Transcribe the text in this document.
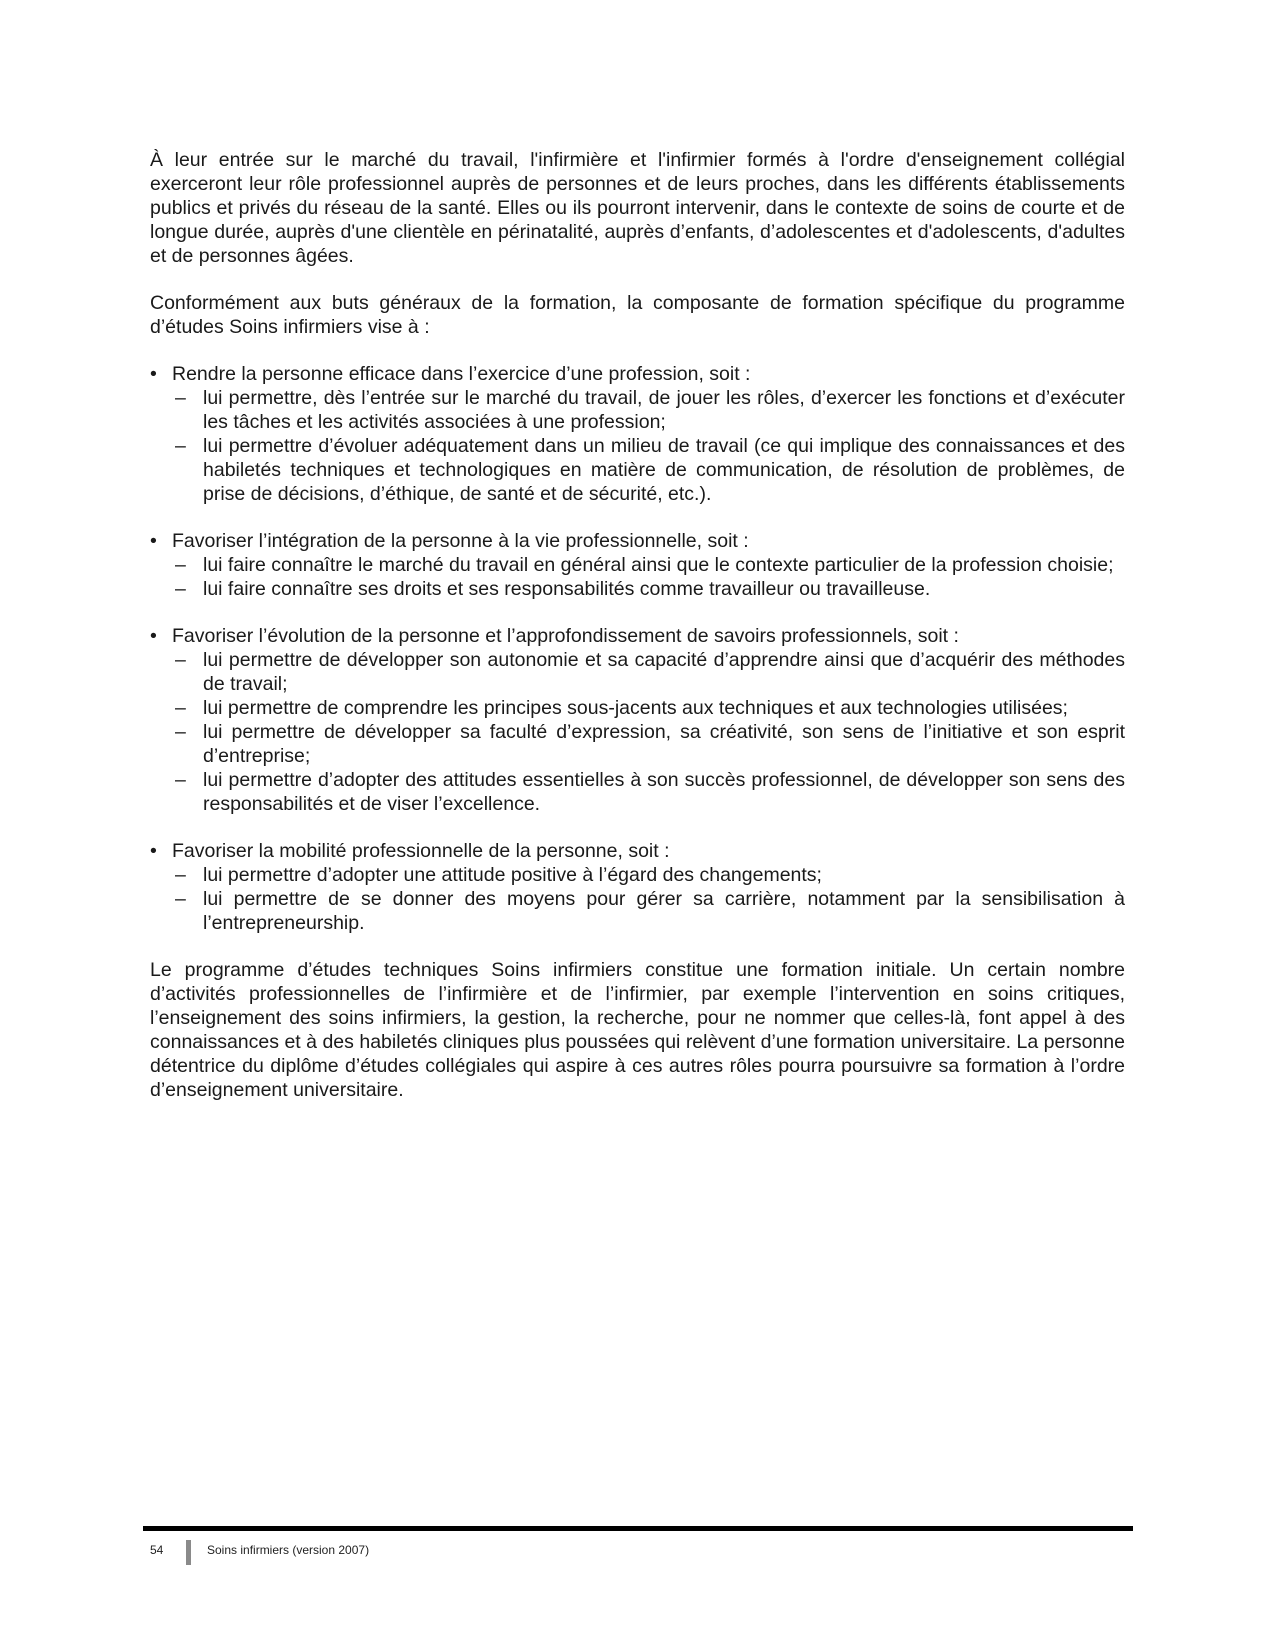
À leur entrée sur le marché du travail, l'infirmière et l'infirmier formés à l'ordre d'enseignement collégial exerceront leur rôle professionnel auprès de personnes et de leurs proches, dans les différents établissements publics et privés du réseau de la santé. Elles ou ils pourront intervenir, dans le contexte de soins de courte et de longue durée, auprès d'une clientèle en périnatalité, auprès d’enfants, d’adolescentes et d'adolescents, d'adultes et de personnes âgées.

Conformément aux buts généraux de la formation, la composante de formation spécifique du programme d’études Soins infirmiers vise à :

• Rendre la personne efficace dans l’exercice d’une profession, soit :

– lui permettre, dès l’entrée sur le marché du travail, de jouer les rôles, d’exercer les fonctions et d’exécuter les tâches et les activités associées à une profession;
– lui permettre d’évoluer adéquatement dans un milieu de travail (ce qui implique des connaissances et des habiletés techniques et technologiques en matière de communication, de résolution de problèmes, de prise de décisions, d’éthique, de santé et de sécurité, etc.).

• Favoriser l’intégration de la personne à la vie professionnelle, soit :

– lui faire connaître le marché du travail en général ainsi que le contexte particulier de la profession choisie;
– lui faire connaître ses droits et ses responsabilités comme travailleur ou travailleuse.

• Favoriser l’évolution de la personne et l’approfondissement de savoirs professionnels, soit :

– lui permettre de développer son autonomie et sa capacité d’apprendre ainsi que d’acquérir des méthodes de travail;
– lui permettre de comprendre les principes sous-jacents aux techniques et aux technologies utilisées;
– lui permettre de développer sa faculté d’expression, sa créativité, son sens de l’initiative et son esprit d’entreprise;
– lui permettre d’adopter des attitudes essentielles à son succès professionnel, de développer son sens des responsabilités et de viser l’excellence.

• Favoriser la mobilité professionnelle de la personne, soit :

– lui permettre d’adopter une attitude positive à l’égard des changements;
– lui permettre de se donner des moyens pour gérer sa carrière, notamment par la sensibilisation à l’entrepreneurship.

Le programme d’études techniques Soins infirmiers constitue une formation initiale. Un certain nombre d’activités professionnelles de l’infirmière et de l’infirmier, par exemple l’intervention en soins critiques, l’enseignement des soins infirmiers, la gestion, la recherche, pour ne nommer que celles-là, font appel à des connaissances et à des habiletés cliniques plus poussées qui relèvent d’une formation universitaire. La personne détentrice du diplôme d’études collégiales qui aspire à ces autres rôles pourra poursuivre sa formation à l’ordre d’enseignement universitaire.

54	Soins infirmiers (version 2007)
